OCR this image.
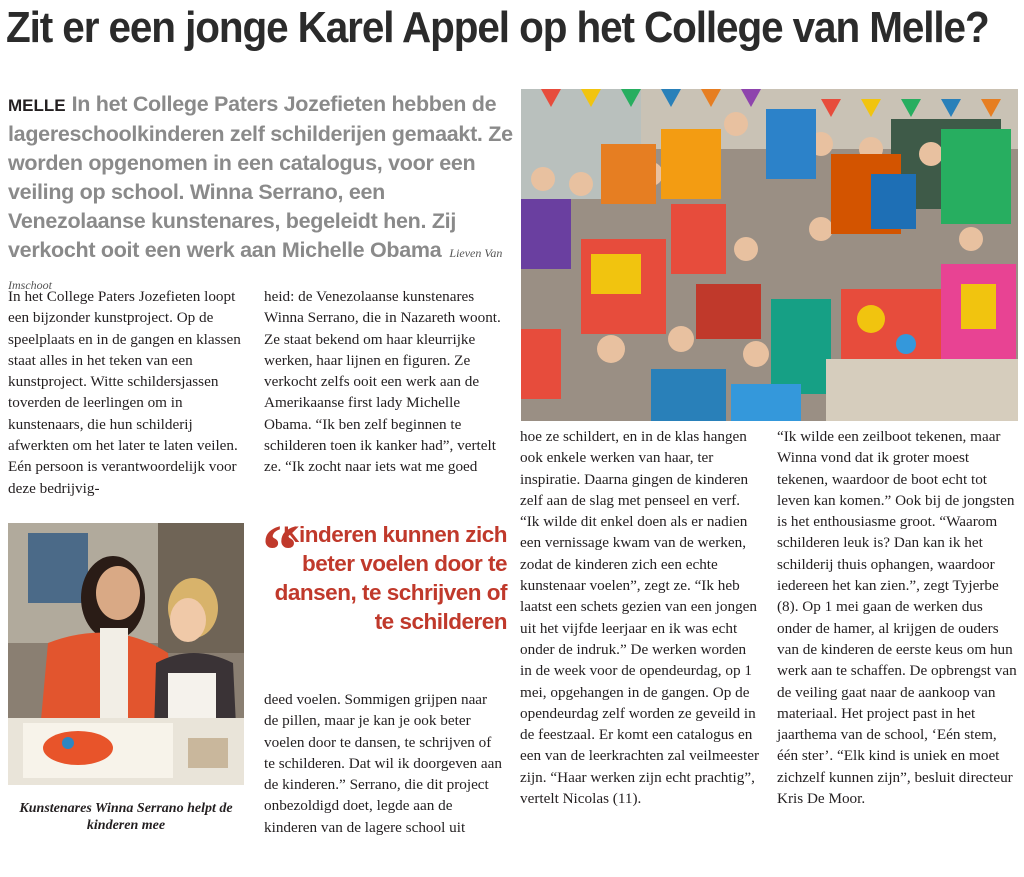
Zit er een jonge Karel Appel op het College van Melle?
MELLE In het College Paters Jozefieten hebben de lagereschoolkinderen zelf schilderijen gemaakt. Ze worden opgenomen in een catalogus, voor een veiling op school. Winna Serrano, een Venezolaanse kunstenares, begeleidt hen. Zij verkocht ooit een werk aan Michelle Obama Lieven Van Imschoot

In het College Paters Jozefieten loopt een bijzonder kunstproject. Op de speelplaats en in de gangen en klassen staat alles in het teken van een kunstproject. Witte schildersjassen toverden de leerlingen om in kunstenaars, die hun schilderij afwerkten om het later te laten veilen. Eén persoon is verantwoordelijk voor deze bedrijvig-

heid: de Venezolaanse kunstenares Winna Serrano, die in Nazareth woont. Ze staat bekend om haar kleurrijke werken, haar lijnen en figuren. Ze verkocht zelfs ooit een werk aan de Amerikaanse first lady Michelle Obama. “Ik ben zelf beginnen te schilderen toen ik kanker had”, vertelt ze. “Ik zocht naar iets wat me goed

deed voelen. Sommigen grijpen naar de pillen, maar je kan je ook beter voelen door te dansen, te schrijven of te schilderen. Dat wil ik doorgeven aan de kinderen.” Serrano, die dit project onbezoldigd doet, legde aan de kinderen van de lagere school uit

hoe ze schildert, en in de klas hangen ook enkele werken van haar, ter inspiratie. Daarna gingen de kinderen zelf aan de slag met penseel en verf. “Ik wilde dit enkel doen als er nadien een vernissage kwam van de werken, zodat de kinderen zich een echte kunstenaar voelen”, zegt ze. “Ik heb laatst een schets gezien van een jongen uit het vijfde leerjaar en ik was echt onder de indruk.” De werken worden in de week voor de opendeurdag, op 1 mei, opgehangen in de gangen. Op de opendeurdag zelf worden ze geveild in de feestzaal. Er komt een catalogus en een van de leerkrachten zal veilmeester zijn. “Haar werken zijn echt prachtig”, vertelt Nicolas (11).

“Ik wilde een zeilboot tekenen, maar Winna vond dat ik groter moest tekenen, waardoor de boot echt tot leven kan komen.” Ook bij de jongsten is het enthousiasme groot. “Waarom schilderen leuk is? Dan kan ik het schilderij thuis ophangen, waardoor iedereen het kan zien.”, zegt Tyjerbe (8). Op 1 mei gaan de werken dus onder de hamer, al krijgen de ouders van de kinderen de eerste keus om hun werk aan te schaffen. De opbrengst van de veiling gaat naar de aankoop van materiaal. Het project past in het jaarthema van de school, ‘Eén stem, één ster’. “Elk kind is uniek en moet zichzelf kunnen zijn”, besluit directeur Kris De Moor.

“
Kinderen kunnen zich beter voelen door te dansen, te schrijven of te schilderen
Kunstenares Winna Serrano helpt de kinderen mee
